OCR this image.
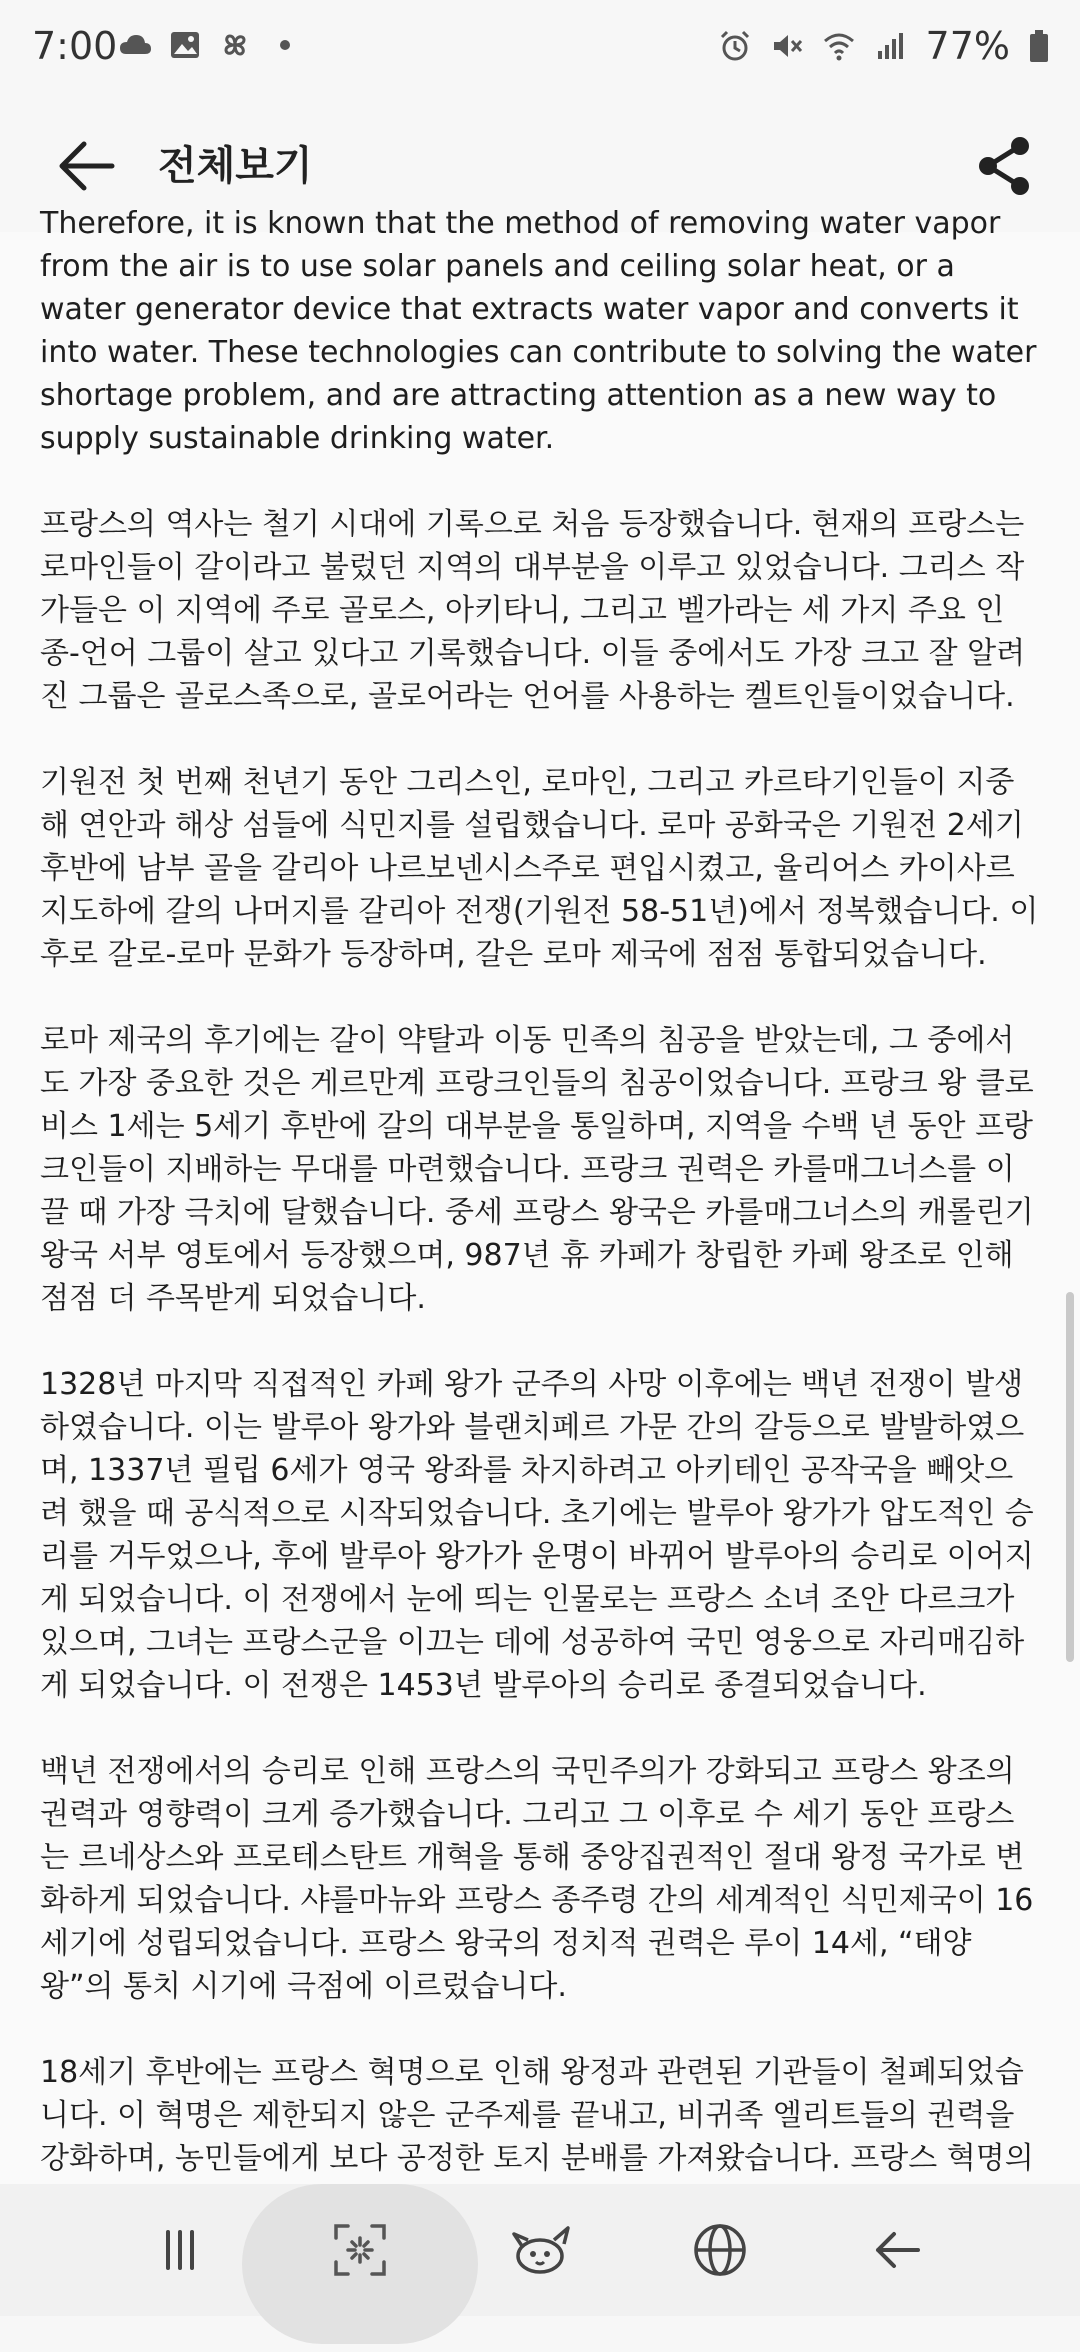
7:00	77%
전체보기

Therefore, it is known that the method of removing water vapor from the air is to use solar panels and ceiling solar heat, or a water generator device that extracts water vapor and converts it into water. These technologies can contribute to solving the water shortage problem, and are attracting attention as a new way to supply sustainable drinking water.

프랑스의 역사는 철기 시대에 기록으로 처음 등장했습니다. 현재의 프랑스는 로마인들이 갈이라고 불렀던 지역의 대부분을 이루고 있었습니다. 그리스 작가들은 이 지역에 주로 골로스, 아키타니, 그리고 벨가라는 세 가지 주요 인종-언어 그룹이 살고 있다고 기록했습니다. 이들 중에서도 가장 크고 잘 알려진 그룹은 골로스족으로, 골로어라는 언어를 사용하는 켈트인들이었습니다.

기원전 첫 번째 천년기 동안 그리스인, 로마인, 그리고 카르타기인들이 지중해 연안과 해상 섬들에 식민지를 설립했습니다. 로마 공화국은 기원전 2세기 후반에 남부 골을 갈리아 나르보넨시스주로 편입시켰고, 율리어스 카이사르 지도하에 갈의 나머지를 갈리아 전쟁(기원전 58-51년)에서 정복했습니다. 이후로 갈로-로마 문화가 등장하며, 갈은 로마 제국에 점점 통합되었습니다.

로마 제국의 후기에는 갈이 약탈과 이동 민족의 침공을 받았는데, 그 중에서도 가장 중요한 것은 게르만계 프랑크인들의 침공이었습니다. 프랑크 왕 클로비스 1세는 5세기 후반에 갈의 대부분을 통일하며, 지역을 수백 년 동안 프랑크인들이 지배하는 무대를 마련했습니다. 프랑크 권력은 카를매그너스를 이끌 때 가장 극치에 달했습니다. 중세 프랑스 왕국은 카를매그너스의 캐롤린기 왕국 서부 영토에서 등장했으며, 987년 휴 카페가 창립한 카페 왕조로 인해 점점 더 주목받게 되었습니다.

1328년 마지막 직접적인 카페 왕가 군주의 사망 이후에는 백년 전쟁이 발생하였습니다. 이는 발루아 왕가와 블랜치페르 가문 간의 갈등으로 발발하였으며, 1337년 필립 6세가 영국 왕좌를 차지하려고 아키테인 공작국을 빼앗으려 했을 때 공식적으로 시작되었습니다. 초기에는 발루아 왕가가 압도적인 승리를 거두었으나, 후에 발루아 왕가가 운명이 바뀌어 발루아의 승리로 이어지게 되었습니다. 이 전쟁에서 눈에 띄는 인물로는 프랑스 소녀 조안 다르크가 있으며, 그녀는 프랑스군을 이끄는 데에 성공하여 국민 영웅으로 자리매김하게 되었습니다. 이 전쟁은 1453년 발루아의 승리로 종결되었습니다.

백년 전쟁에서의 승리로 인해 프랑스의 국민주의가 강화되고 프랑스 왕조의 권력과 영향력이 크게 증가했습니다. 그리고 그 이후로 수 세기 동안 프랑스는 르네상스와 프로테스탄트 개혁을 통해 중앙집권적인 절대 왕정 국가로 변화하게 되었습니다. 샤를마뉴와 프랑스 종주령 간의 세계적인 식민제국이 16세기에 성립되었습니다. 프랑스 왕국의 정치적 권력은 루이 14세, “태양왕”의 통치 시기에 극점에 이르렀습니다.

18세기 후반에는 프랑스 혁명으로 인해 왕정과 관련된 기관들이 철폐되었습니다. 이 혁명은 제한되지 않은 군주제를 끝내고, 비귀족 엘리트들의 권력을 강화하며, 농민들에게 보다 공정한 토지 분배를 가져왔습니다. 프랑스 혁명의
